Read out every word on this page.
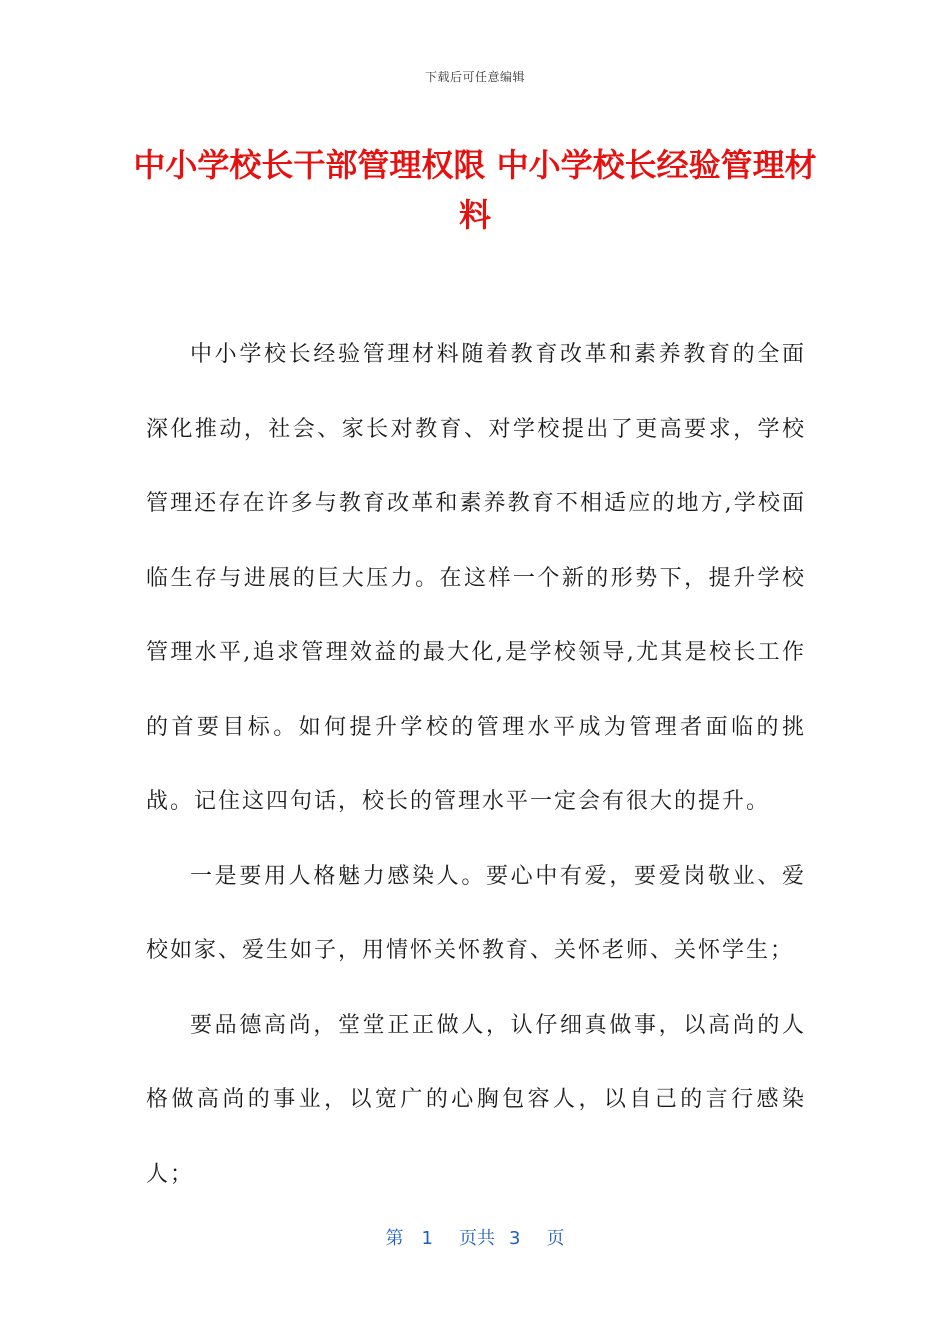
下载后可任意编辑
中小学校长干部管理权限 中小学校长经验管理材料

中小学校长经验管理材料随着教育改革和素养教育的全面深化推动，社会、家长对教育、对学校提出了更高要求，学校管理还存在许多与教育改革和素养教育不相适应的地方,学校面临生存与进展的巨大压力。在这样一个新的形势下，提升学校管理水平,追求管理效益的最大化,是学校领导,尤其是校长工作的首要目标。如何提升学校的管理水平成为管理者面临的挑战。记住这四句话，校长的管理水平一定会有很大的提升。

一是要用人格魅力感染人。要心中有爱，要爱岗敬业、爱校如家、爱生如子，用情怀关怀教育、关怀老师、关怀学生；

要品德高尚，堂堂正正做人，认仔细真做事，以高尚的人格做高尚的事业，以宽广的心胸包容人，以自己的言行感染人；

第 1 页共 3 页
